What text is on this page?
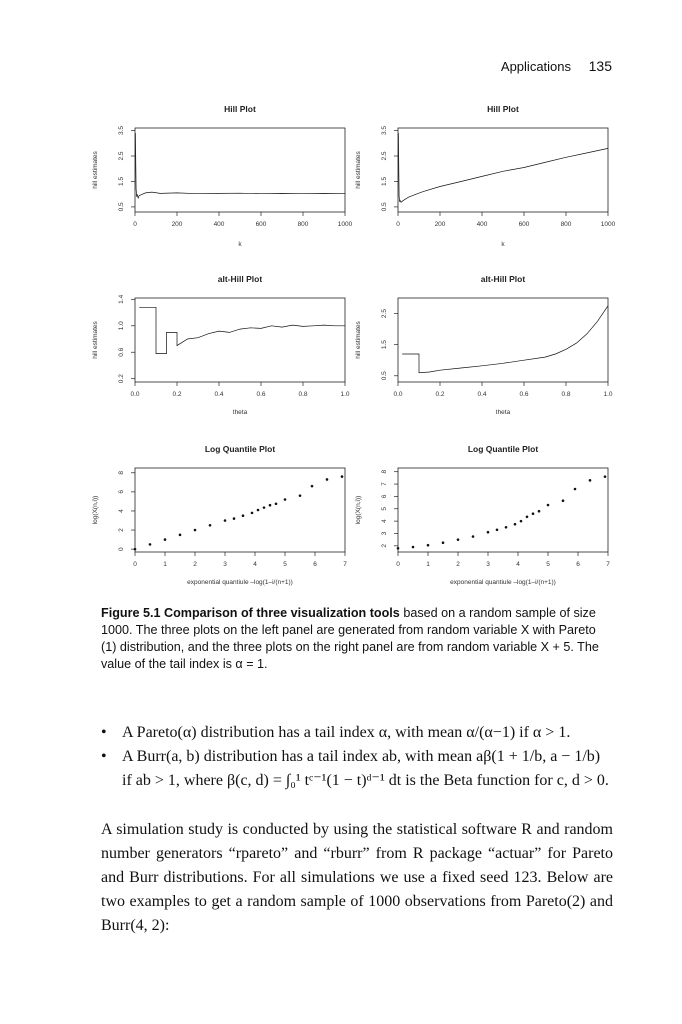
Applications 135
Hill Plot
k
hill estimates
0	200	400	600	800	1000
0.5
1.5
2.5
3.5
Hill Plot
k
hill estimates
0	200	400	600	800	1000
0.5
1.5
2.5
3.5
alt-Hill Plot
theta
hill estimates
0.0	0.2	0.4	0.6	0.8	1.0
0.2
0.6
1.0
1.4
alt-Hill Plot
theta
hill estimates
0.0	0.2	0.4	0.6	0.8	1.0
0.5
1.5
2.5
Log Quantile Plot
exponential quantiule –log(1–i/(n+1))
log(X(n,i))
0	1	2	3	4	5	6	7
0
2
4
6
8
Log Quantile Plot
exponential quantiule –log(1–i/(n+1))
log(X(n,i))
0	1	2	3	4	5	6	7
2
3
4
5
6
7
8
Figure 5.1 Comparison of three visualization tools based on a random sample of size 1000. The three plots on the left panel are generated from random variable X with Pareto (1) distribution, and the three plots on the right panel are from random variable X + 5. The value of the tail index is α = 1.
• A Pareto(α) distribution has a tail index α, with mean α/(α−1) if α > 1.
• A Burr(a, b) distribution has a tail index ab, with mean aβ(1 + 1/b, a − 1/b) if ab > 1, where β(c, d) = ∫₀¹ tᶜ⁻¹(1 − t)ᵈ⁻¹ dt is the Beta function for c, d > 0.
A simulation study is conducted by using the statistical software R and random number generators “rpareto” and “rburr” from R package “actuar” for Pareto and Burr distributions. For all simulations we use a fixed seed 123. Below are two examples to get a random sample of 1000 observations from Pareto(2) and Burr(4, 2):
